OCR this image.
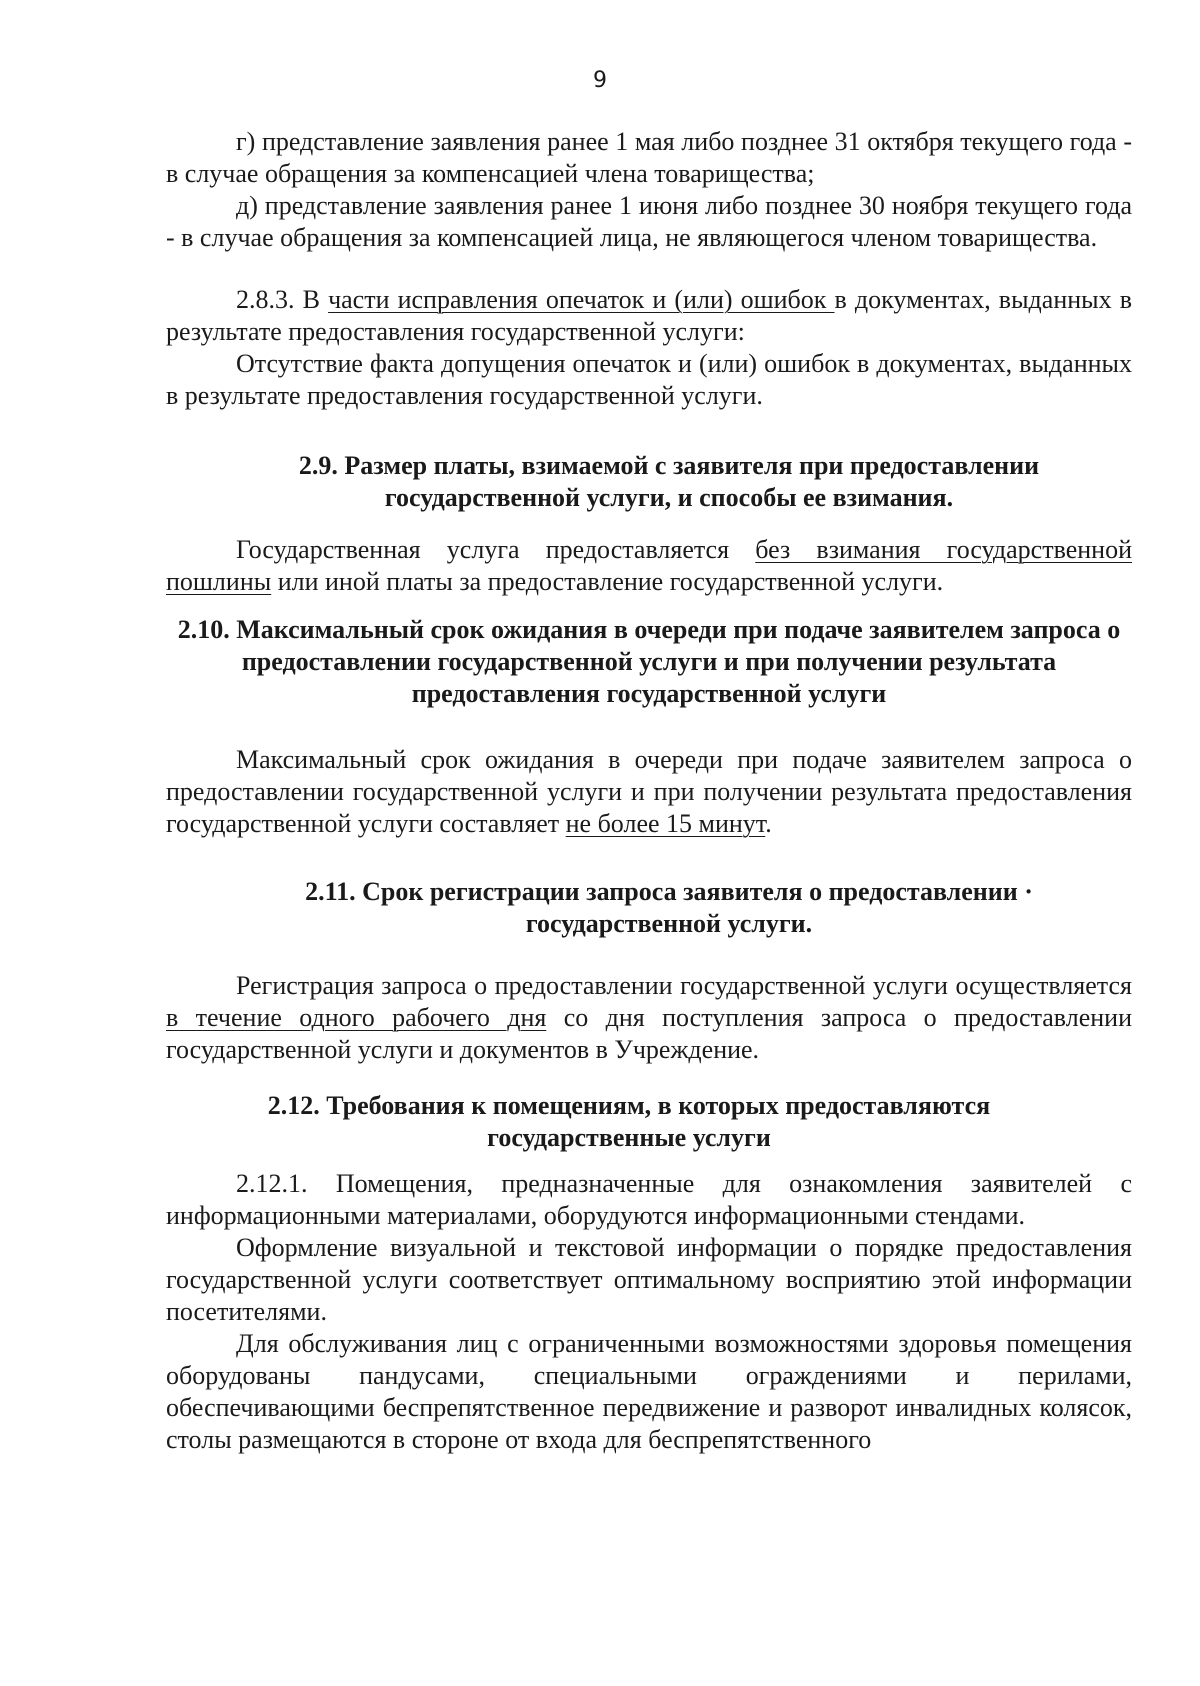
9

г) представление заявления ранее 1 мая либо позднее 31 октября текущего года - в случае обращения за компенсацией члена товарищества;

д) представление заявления ранее 1 июня либо позднее 30 ноября текущего года - в случае обращения за компенсацией лица, не являющегося членом товарищества.

2.8.3. В части исправления опечаток и (или) ошибок в документах, выданных в результате предоставления государственной услуги:

Отсутствие факта допущения опечаток и (или) ошибок в документах, выданных в результате предоставления государственной услуги.

2.9. Размер платы, взимаемой с заявителя при предоставлении государственной услуги, и способы ее взимания.

Государственная услуга предоставляется без взимания государственной пошлины или иной платы за предоставление государственной услуги.

2.10. Максимальный срок ожидания в очереди при подаче заявителем запроса о предоставлении государственной услуги и при получении результата предоставления государственной услуги

Максимальный срок ожидания в очереди при подаче заявителем запроса о предоставлении государственной услуги и при получении результата предоставления государственной услуги составляет не более 15 минут.

2.11. Срок регистрации запроса заявителя о предоставлении · государственной услуги.

Регистрация запроса о предоставлении государственной услуги осуществляется в течение одного рабочего дня со дня поступления запроса о предоставлении государственной услуги и документов в Учреждение.

2.12. Требования к помещениям, в которых предоставляются государственные услуги

2.12.1. Помещения, предназначенные для ознакомления заявителей с информационными материалами, оборудуются информационными стендами.

Оформление визуальной и текстовой информации о порядке предоставления государственной услуги соответствует оптимальному восприятию этой информации посетителями.

Для обслуживания лиц с ограниченными возможностями здоровья помещения оборудованы пандусами, специальными ограждениями и перилами, обеспечивающими беспрепятственное передвижение и разворот инвалидных колясок, столы размещаются в стороне от входа для беспрепятственного
